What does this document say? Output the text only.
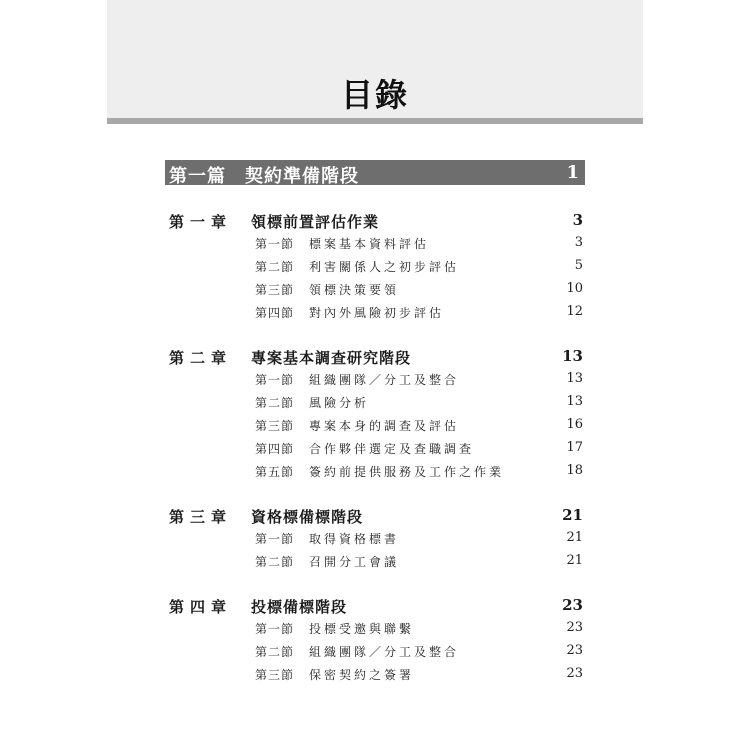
目錄
第一篇 契約準備階段	1
第一章 領標前置評估作業	3
第一節 標案基本資料評估	3
第二節 利害關係人之初步評估	5
第三節 領標決策要領	10
第四節 對內外風險初步評估	12
第二章 專案基本調查研究階段	13
第一節 組織團隊／分工及整合	13
第二節 風險分析	13
第三節 專案本身的調查及評估	16
第四節 合作夥伴選定及查職調查	17
第五節 簽約前提供服務及工作之作業	18
第三章 資格標備標階段	21
第一節 取得資格標書	21
第二節 召開分工會議	21
第四章 投標備標階段	23
第一節 投標受邀與聯繫	23
第二節 組織團隊／分工及整合	23
第三節 保密契約之簽署	23
